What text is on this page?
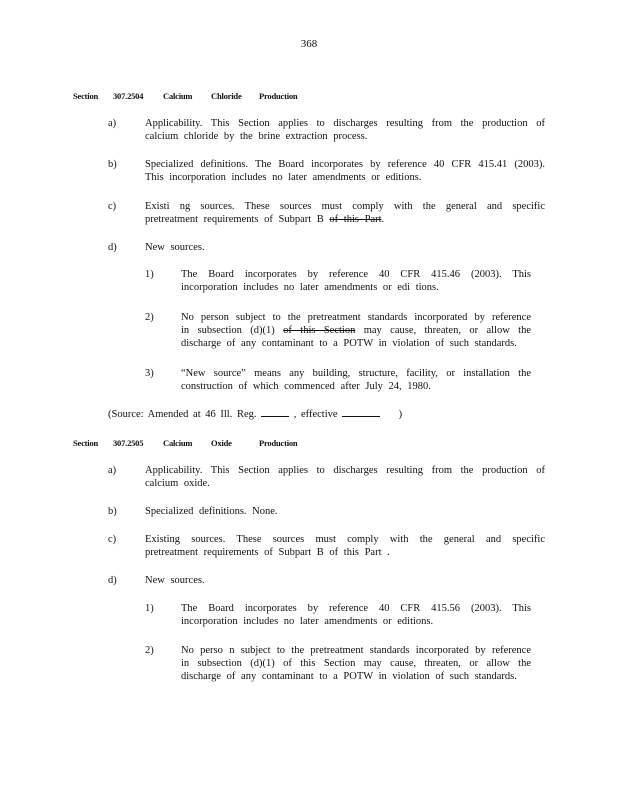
368
Section 307.2504 Calcium Chloride Production
a)	Applicability. This Section applies to discharges resulting from the production of calcium chloride by the brine extraction process.
b)	Specialized definitions. The Board incorporates by reference 40 CFR 415.41 (2003). This incorporation includes no later amendments or editions.
c)	Existi ng sources. These sources must comply with the general and specific pretreatment requirements of Subpart B of this Part.
d)	New sources.
1)	The Board incorporates by reference 40 CFR 415.46 (2003). This incorporation includes no later amendments or edi tions.
2)	No person subject to the pretreatment standards incorporated by reference in subsection (d)(1) of this Section may cause, threaten, or allow the discharge of any contaminant to a POTW in violation of such standards.
3)	“New source” means any building, structure, facility, or installation the construction of which commenced after July 24, 1980.
(Source: Amended at 46 Ill. Reg.	, effective	)
Section 307.2505 Calcium Oxide	Production
a)	Applicability. This Section applies to discharges resulting from the production of calcium oxide.
b)	Specialized definitions. None.
c)	Existing sources. These sources must comply with the general and specific pretreatment requirements of Subpart B of this Part .
d)	New sources.
1)	The Board incorporates by reference 40 CFR 415.56 (2003). This incorporation includes no later amendments or editions.
2)	No perso n subject to the pretreatment standards incorporated by reference in subsection (d)(1) of this Section may cause, threaten, or allow the discharge of any contaminant to a POTW in violation of such standards.
